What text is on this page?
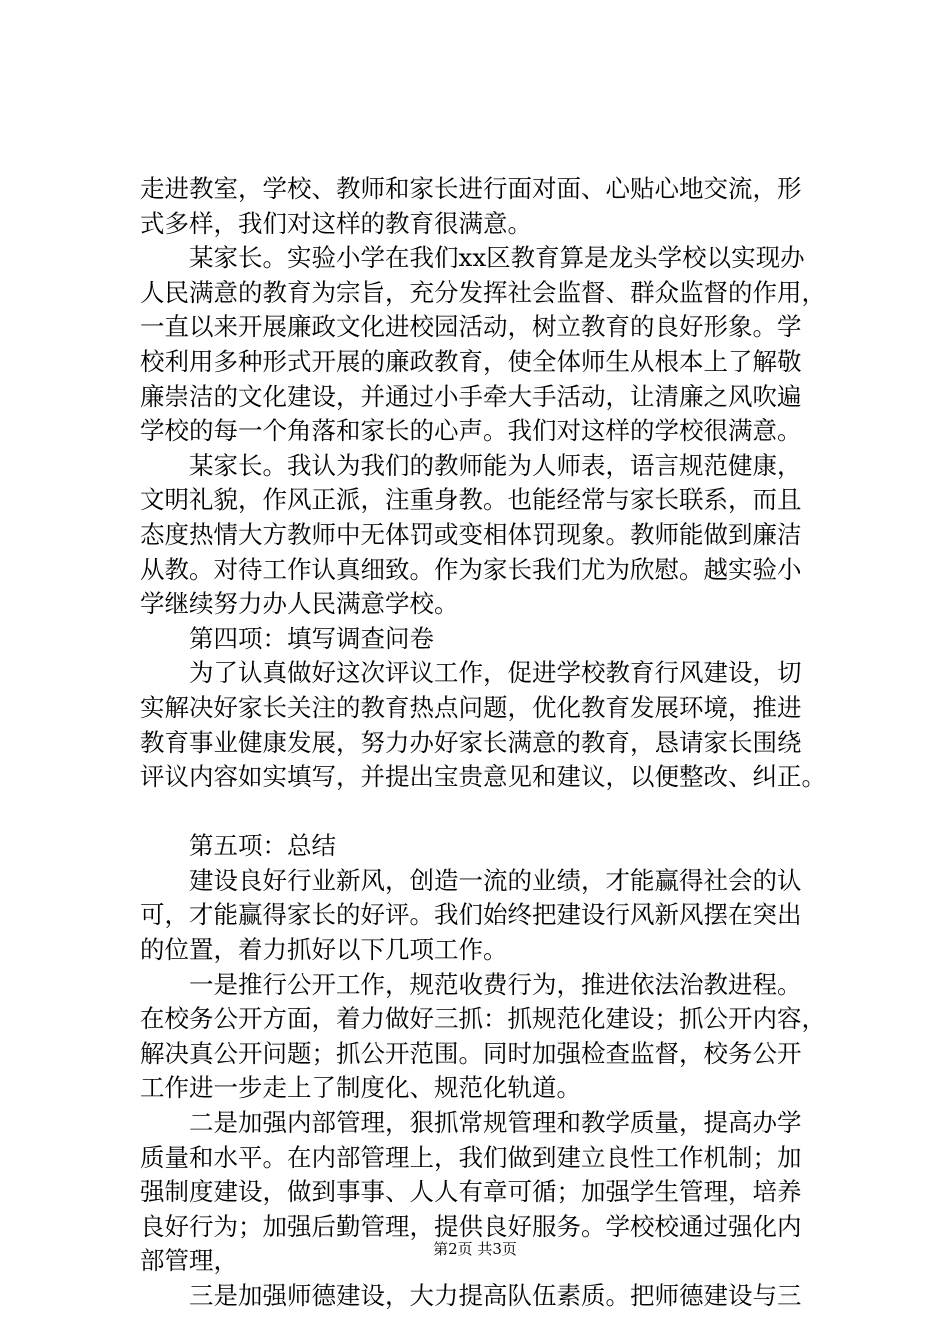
走进教室，学校、教师和家长进行面对面、心贴心地交流，形
式多样，我们对这样的教育很满意。
　　某家长。实验小学在我们xx区教育算是龙头学校以实现办
人民满意的教育为宗旨，充分发挥社会监督、群众监督的作用，
一直以来开展廉政文化进校园活动，树立教育的良好形象。学
校利用多种形式开展的廉政教育，使全体师生从根本上了解敬
廉崇洁的文化建设，并通过小手牵大手活动，让清廉之风吹遍
学校的每一个角落和家长的心声。我们对这样的学校很满意。
　　某家长。我认为我们的教师能为人师表，语言规范健康，
文明礼貌，作风正派，注重身教。也能经常与家长联系，而且
态度热情大方教师中无体罚或变相体罚现象。教师能做到廉洁
从教。对待工作认真细致。作为家长我们尤为欣慰。越实验小
学继续努力办人民满意学校。
　　第四项：填写调查问卷
　　为了认真做好这次评议工作，促进学校教育行风建设，切
实解决好家长关注的教育热点问题，优化教育发展环境，推进
教育事业健康发展，努力办好家长满意的教育，恳请家长围绕
评议内容如实填写，并提出宝贵意见和建议，以便整改、纠正。
　　第五项：总结
　　建设良好行业新风，创造一流的业绩，才能赢得社会的认
可，才能赢得家长的好评。我们始终把建设行风新风摆在突出
的位置，着力抓好以下几项工作。
　　一是推行公开工作，规范收费行为，推进依法治教进程。
在校务公开方面，着力做好三抓：抓规范化建设；抓公开内容，
解决真公开问题；抓公开范围。同时加强检查监督，校务公开
工作进一步走上了制度化、规范化轨道。
　　二是加强内部管理，狠抓常规管理和教学质量，提高办学
质量和水平。在内部管理上，我们做到建立良性工作机制；加
强制度建设，做到事事、人人有章可循；加强学生管理，培养
良好行为；加强后勤管理，提供良好服务。学校校通过强化内
部管理，
　　三是加强师德建设，大力提高队伍素质。把师德建设与三
第2页 共3页
